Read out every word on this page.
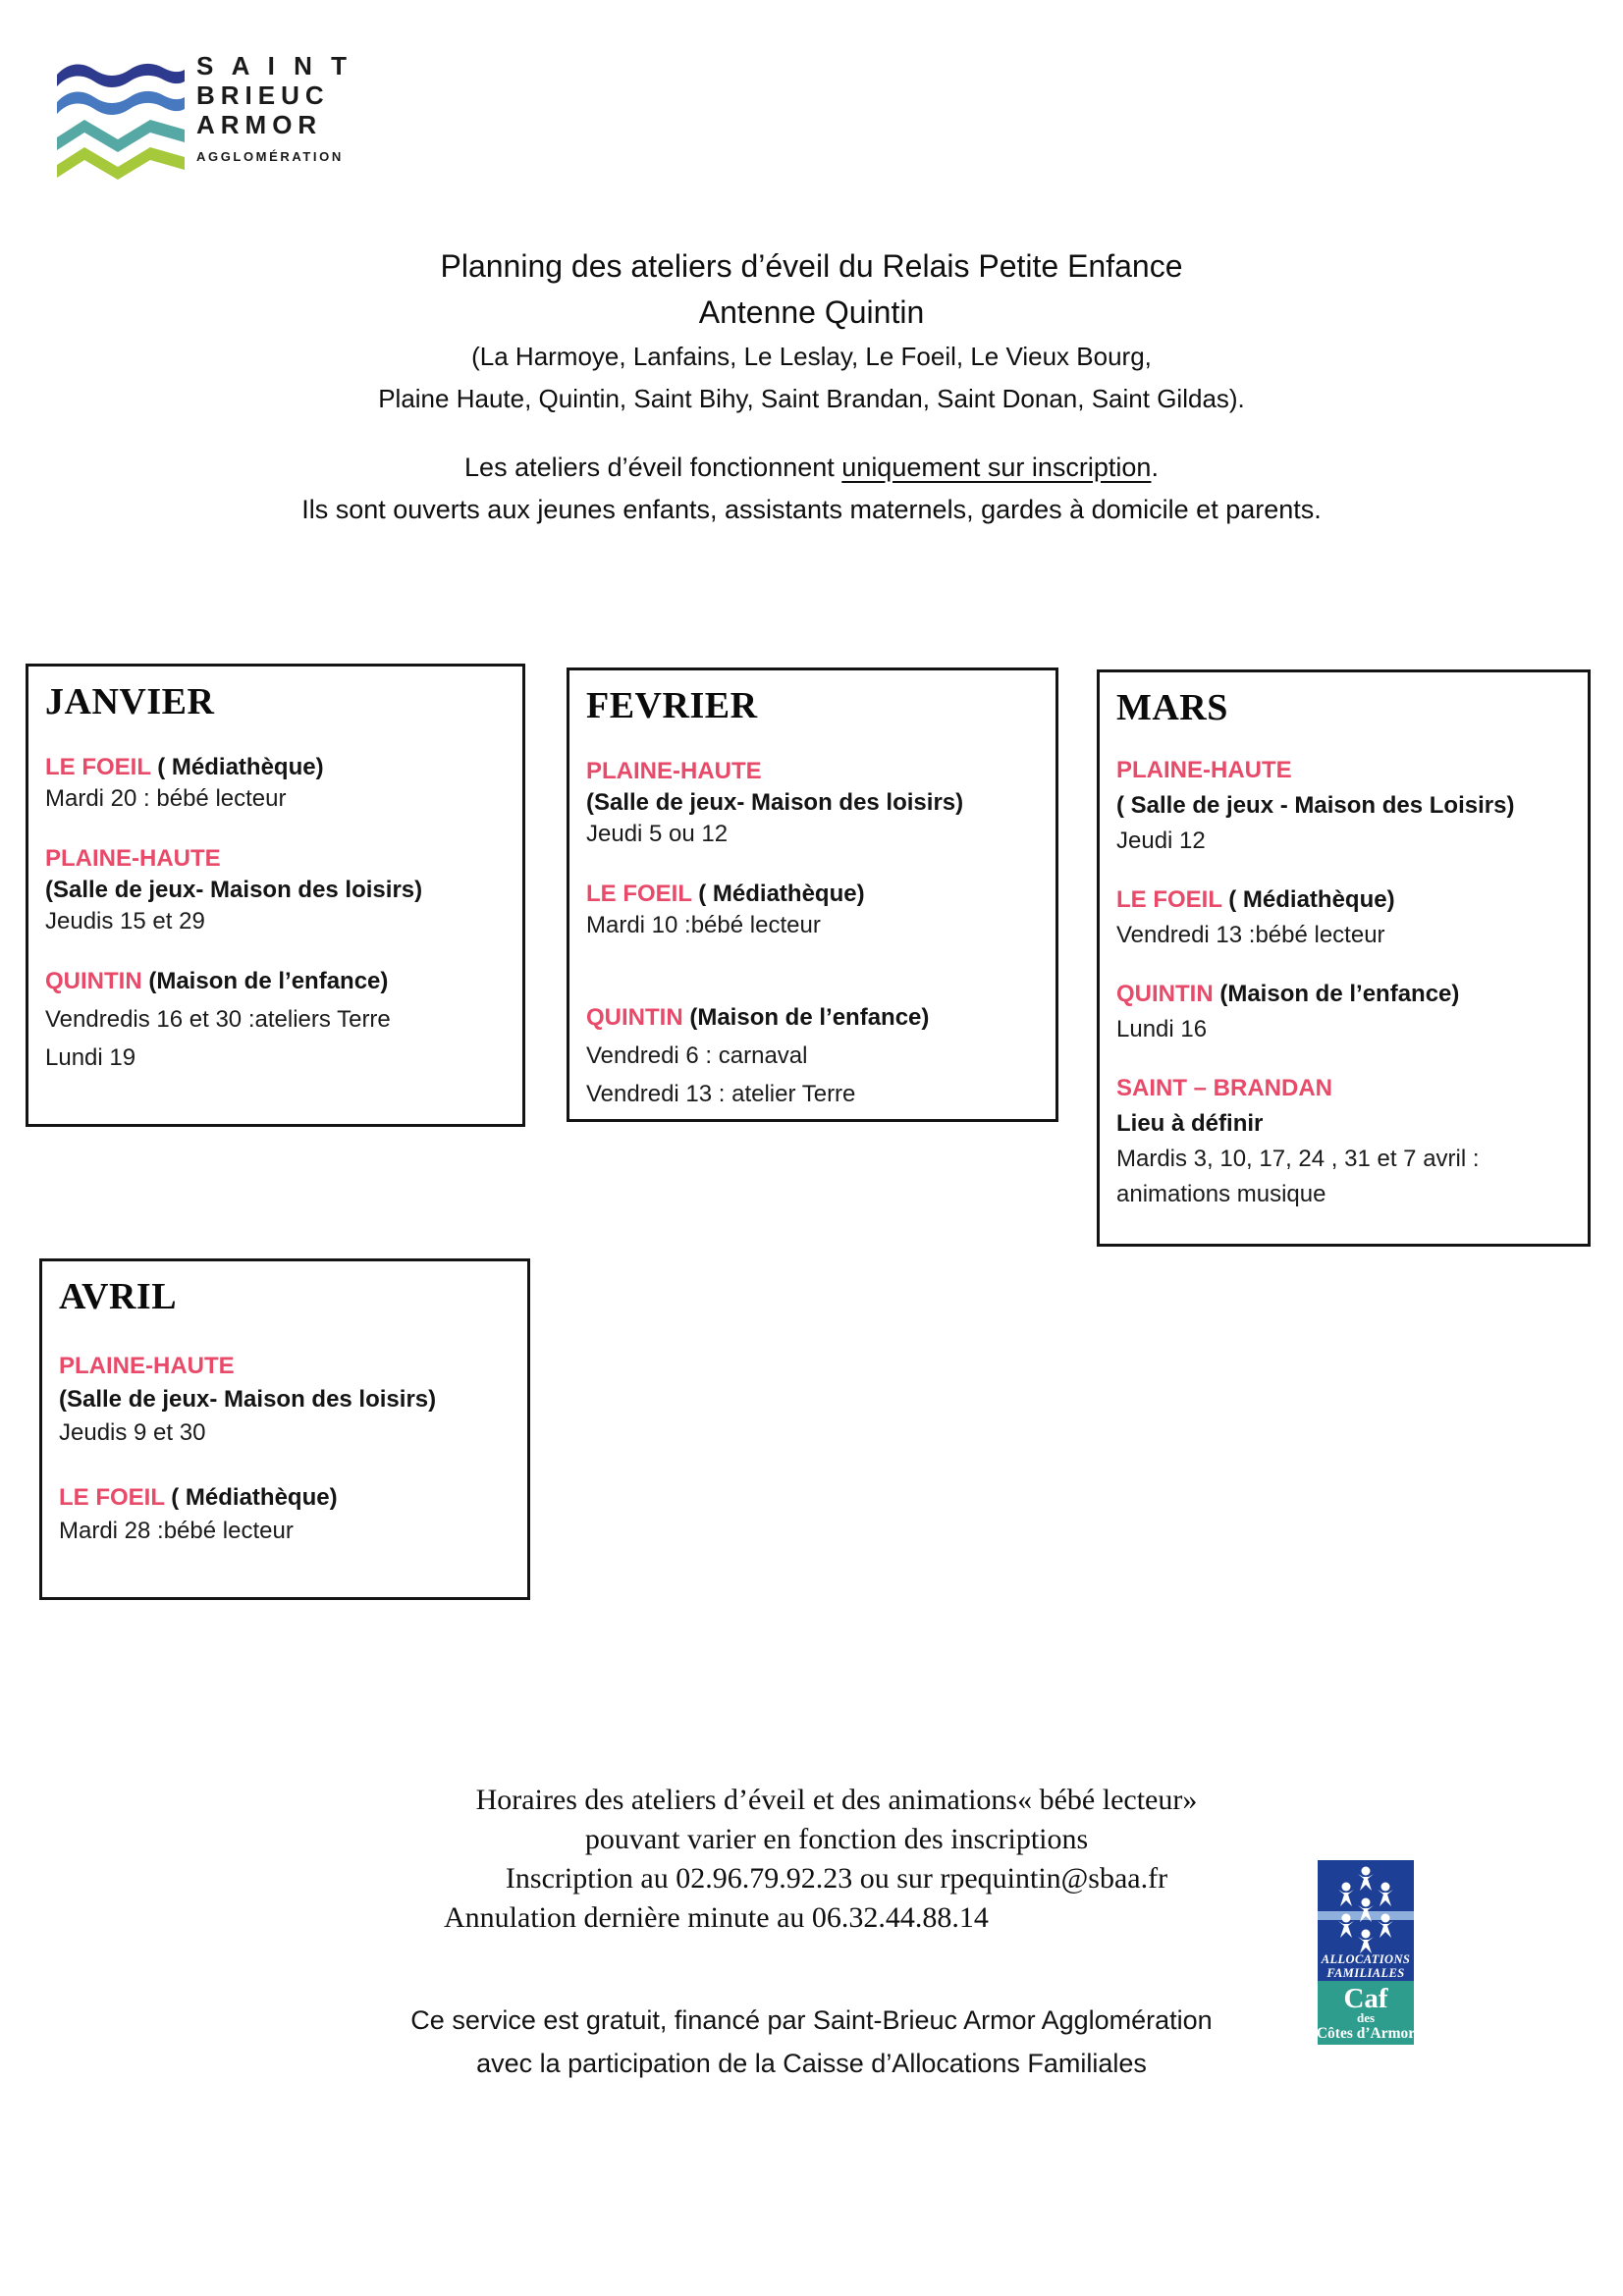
S A I N T
BRIEUC
ARMOR
AGGLOMÉRATION
Planning des ateliers d’éveil du Relais Petite Enfance
Antenne Quintin
(La Harmoye, Lanfains, Le Leslay, Le Foeil, Le Vieux Bourg,
Plaine Haute, Quintin, Saint Bihy, Saint Brandan, Saint Donan, Saint Gildas).
Les ateliers d’éveil fonctionnent uniquement sur inscription.
Ils sont ouverts aux jeunes enfants, assistants maternels, gardes à domicile et parents.
JANVIER
LE FOEIL ( Médiathèque)
Mardi 20 : bébé lecteur
PLAINE-HAUTE
(Salle de jeux- Maison des loisirs)
Jeudis 15 et 29
QUINTIN (Maison de l’enfance)
Vendredis 16 et 30 :ateliers Terre
Lundi 19
FEVRIER
PLAINE-HAUTE
(Salle de jeux- Maison des loisirs)
Jeudi 5 ou 12
LE FOEIL ( Médiathèque)
Mardi 10 :bébé lecteur
QUINTIN (Maison de l’enfance)
Vendredi 6 : carnaval
Vendredi 13 : atelier Terre
MARS
PLAINE-HAUTE
( Salle de jeux - Maison des Loisirs)
Jeudi 12
LE FOEIL ( Médiathèque)
Vendredi 13 :bébé lecteur
QUINTIN (Maison de l’enfance)
Lundi 16
SAINT – BRANDAN
Lieu à définir
Mardis 3, 10, 17, 24 , 31 et 7 avril :
animations musique
AVRIL
PLAINE-HAUTE
(Salle de jeux- Maison des loisirs)
Jeudis 9 et 30
LE FOEIL ( Médiathèque)
Mardi 28 :bébé lecteur
Horaires des ateliers d’éveil et des animations« bébé lecteur»
pouvant varier en fonction des inscriptions
Inscription au 02.96.79.92.23 ou sur rpequintin@sbaa.fr
Annulation dernière minute au 06.32.44.88.14
ALLOCATIONS
FAMILIALES
Caf
des
Côtes d’Armor
Ce service est gratuit, financé par Saint-Brieuc Armor Agglomération
avec la participation de la Caisse d’Allocations Familiales
